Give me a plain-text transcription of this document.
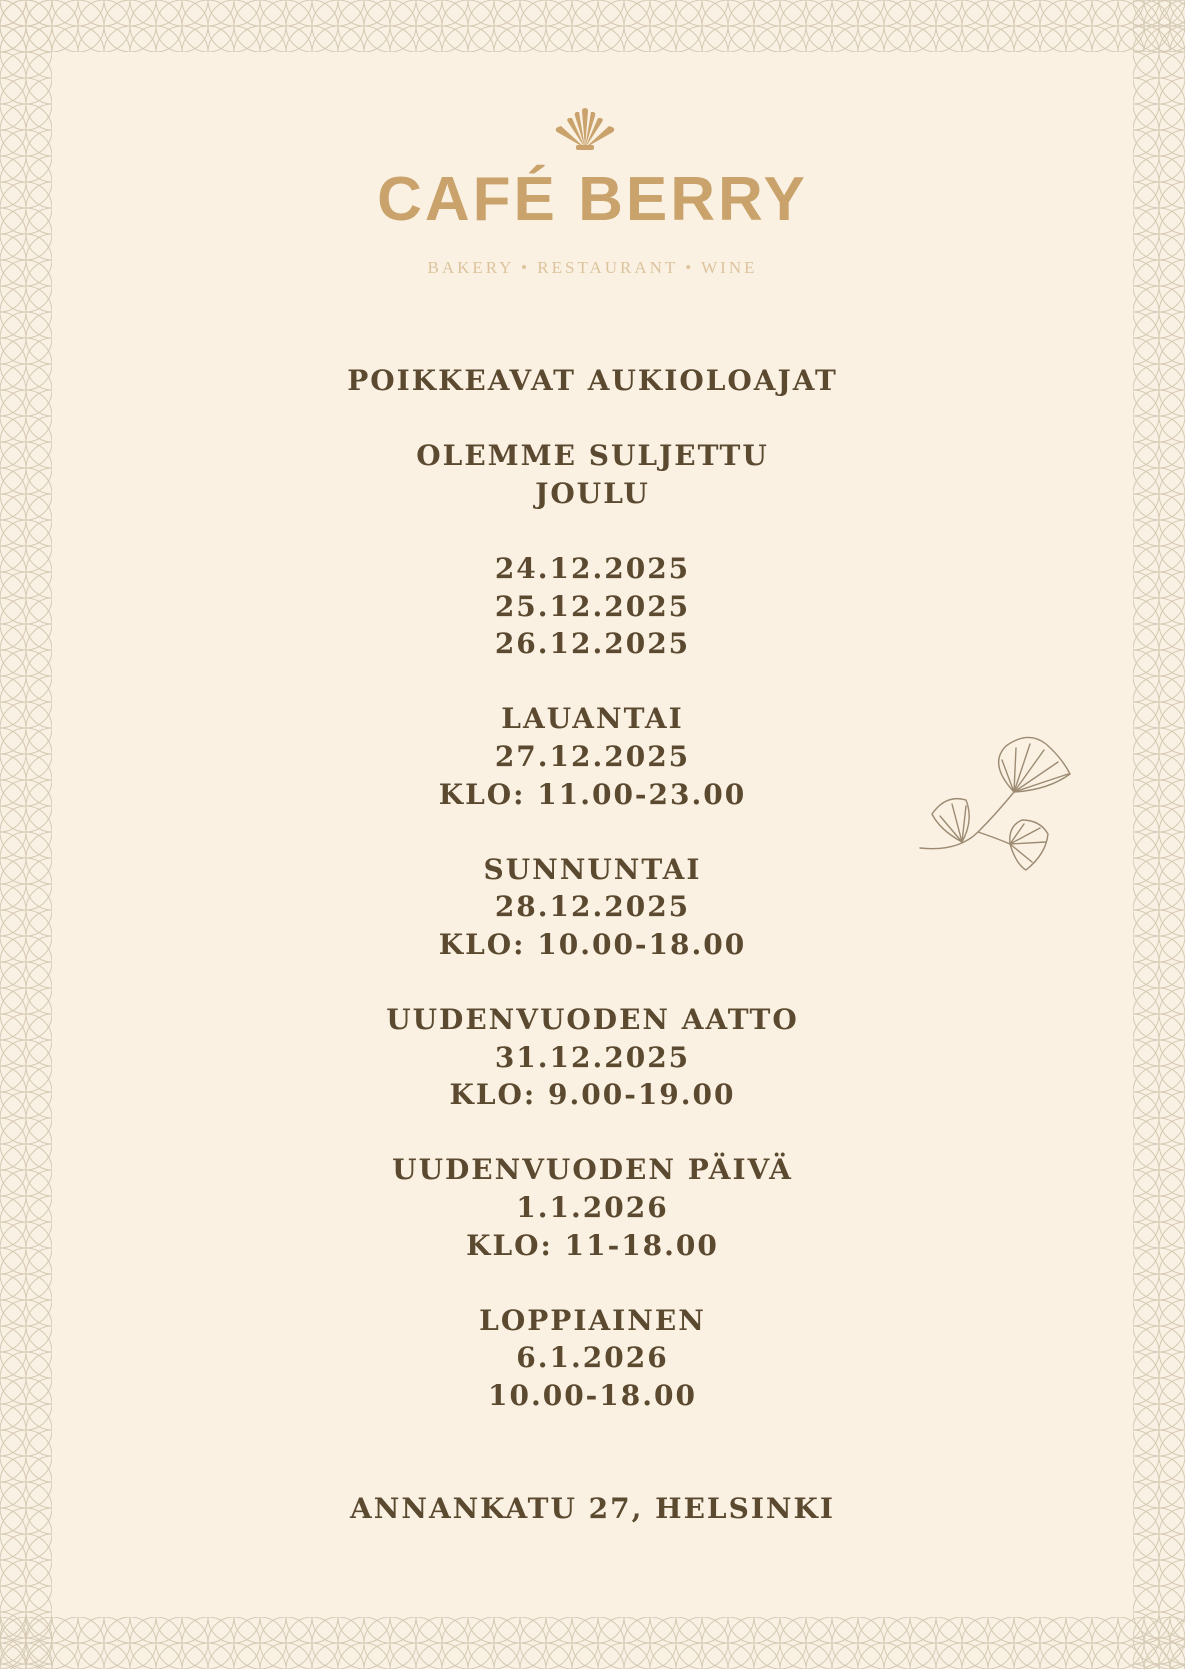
CAFÉ BERRY
BAKERY • RESTAURANT • WINE

POIKKEAVAT AUKIOLOAJAT

OLEMME SULJETTU

JOULU

24.12.2025

25.12.2025

26.12.2025

LAUANTAI

27.12.2025

KLO: 11.00-23.00

SUNNUNTAI

28.12.2025

KLO: 10.00-18.00

UUDENVUODEN AATTO

31.12.2025

KLO: 9.00-19.00

UUDENVUODEN PÄIVÄ

1.1.2026

KLO: 11-18.00

LOPPIAINEN

6.1.2026

10.00-18.00

ANNANKATU 27, HELSINKI
